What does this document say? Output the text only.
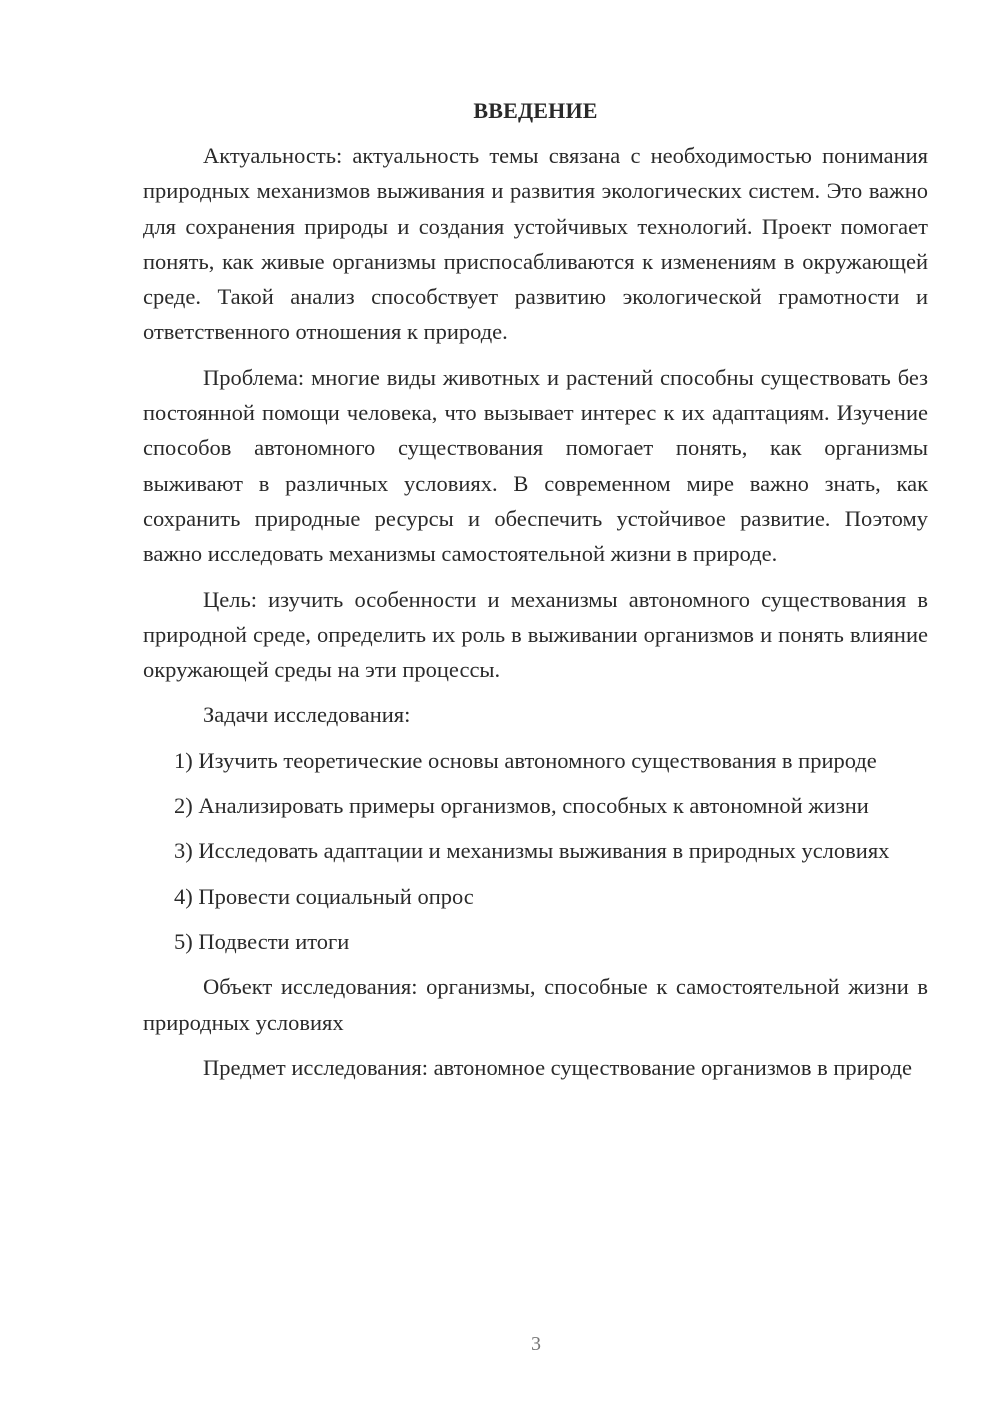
ВВЕДЕНИЕ

Актуальность: актуальность темы связана с необходимостью понимания природных механизмов выживания и развития экологических систем. Это важно для сохранения природы и создания устойчивых технологий. Проект помогает понять, как живые организмы приспосабливаются к изменениям в окружающей среде. Такой анализ способствует развитию экологической грамотности и ответственного отношения к природе.

Проблема: многие виды животных и растений способны существовать без постоянной помощи человека, что вызывает интерес к их адаптациям. Изучение способов автономного существования помогает понять, как организмы выживают в различных условиях. В современном мире важно знать, как сохранить природные ресурсы и обеспечить устойчивое развитие. Поэтому важно исследовать механизмы самостоятельной жизни в природе.

Цель: изучить особенности и механизмы автономного существования в природной среде, определить их роль в выживании организмов и понять влияние окружающей среды на эти процессы.

Задачи исследования:

1) Изучить теоретические основы автономного существования в природе

2) Анализировать примеры организмов, способных к автономной жизни

3) Исследовать адаптации и механизмы выживания в природных условиях

4) Провести социальный опрос

5) Подвести итоги

Объект исследования: организмы, способные к самостоятельной жизни в природных условиях

Предмет исследования: автономное существование организмов в природе

3
